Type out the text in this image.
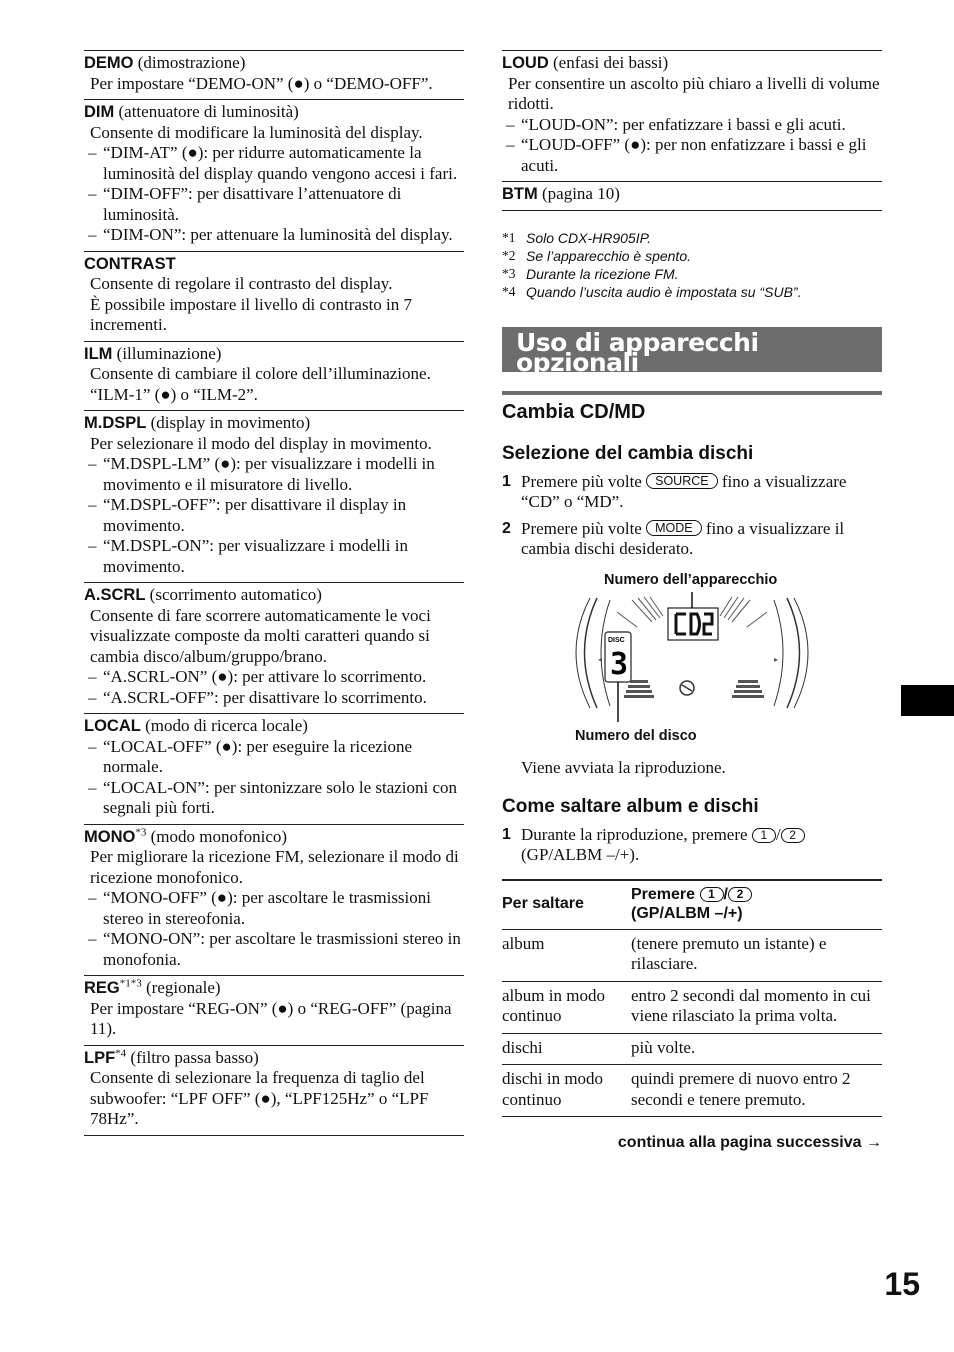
DEMO (dimostrazione)
Per impostare “DEMO-ON” (●) o “DEMO-OFF”.
DIM (attenuatore di luminosità)
Consente di modificare la luminosità del display.
– “DIM-AT” (●): per ridurre automaticamente la luminosità del display quando vengono accesi i fari.
– “DIM-OFF”: per disattivare l’attenuatore di luminosità.
– “DIM-ON”: per attenuare la luminosità del display.
CONTRAST
Consente di regolare il contrasto del display.
È possibile impostare il livello di contrasto in 7 incrementi.
ILM (illuminazione)
Consente di cambiare il colore dell’illuminazione. “ILM-1” (●) o “ILM-2”.
M.DSPL (display in movimento)
Per selezionare il modo del display in movimento.
– “M.DSPL-LM” (●): per visualizzare i modelli in movimento e il misuratore di livello.
– “M.DSPL-OFF”: per disattivare il display in movimento.
– “M.DSPL-ON”: per visualizzare i modelli in movimento.
A.SCRL (scorrimento automatico)
Consente di fare scorrere automaticamente le voci visualizzate composte da molti caratteri quando si cambia disco/album/gruppo/brano.
– “A.SCRL-ON” (●): per attivare lo scorrimento.
– “A.SCRL-OFF”: per disattivare lo scorrimento.
LOCAL (modo di ricerca locale)
– “LOCAL-OFF” (●): per eseguire la ricezione normale.
– “LOCAL-ON”: per sintonizzare solo le stazioni con segnali più forti.
MONO$^{*3}$ (modo monofonico)
Per migliorare la ricezione FM, selezionare il modo di ricezione monofonico.
– “MONO-OFF” (●): per ascoltare le trasmissioni stereo in stereofonia.
– “MONO-ON”: per ascoltare le trasmissioni stereo in monofonia.
$REG^{*1*3}$ (regionale)
Per impostare “REG-ON” (●) o “REG-OFF” (pagina 11).
LPF$^{*4}$ (filtro passa basso)
Consente di selezionare la frequenza di taglio del subwoofer: “LPF OFF” (●), “LPF125Hz” o “LPF 78Hz”.
LOUD (enfasi dei bassi)
Per consentire un ascolto più chiaro a livelli di volume ridotti.
– “LOUD-ON”: per enfatizzare i bassi e gli acuti.
– “LOUD-OFF” (●): per non enfatizzare i bassi e gli acuti.
BTM (pagina 10)
*1 Solo CDX-HR905IP.
*2 Se l’apparecchio è spento.
*3 Durante la ricezione FM.
*4 Quando l’uscita audio è impostata su “SUB”.
Uso di apparecchi opzionali
Cambia CD/MD
Selezione del cambia dischi
1 Premere più volte SOURCE fino a visualizzare “CD” o “MD”.
2 Premere più volte MODE fino a visualizzare il cambia dischi desiderato.
Numero dell’apparecchio
Numero del disco
DISC
3
◂	▸
Viene avviata la riproduzione.
Come saltare album e dischi
1 Durante la riproduzione, premere 1 / 2 (GP/ALBM –/+).
Per saltare	Premere 1 / 2
(GP/ALBM –/+)
album	(tenere premuto un istante) e rilasciare.
album in modo continuo	entro 2 secondi dal momento in cui viene rilasciato la prima volta.
dischi	più volte.
dischi in modo continuo	quindi premere di nuovo entro 2 secondi e tenere premuto.
continua alla pagina successiva →
15
